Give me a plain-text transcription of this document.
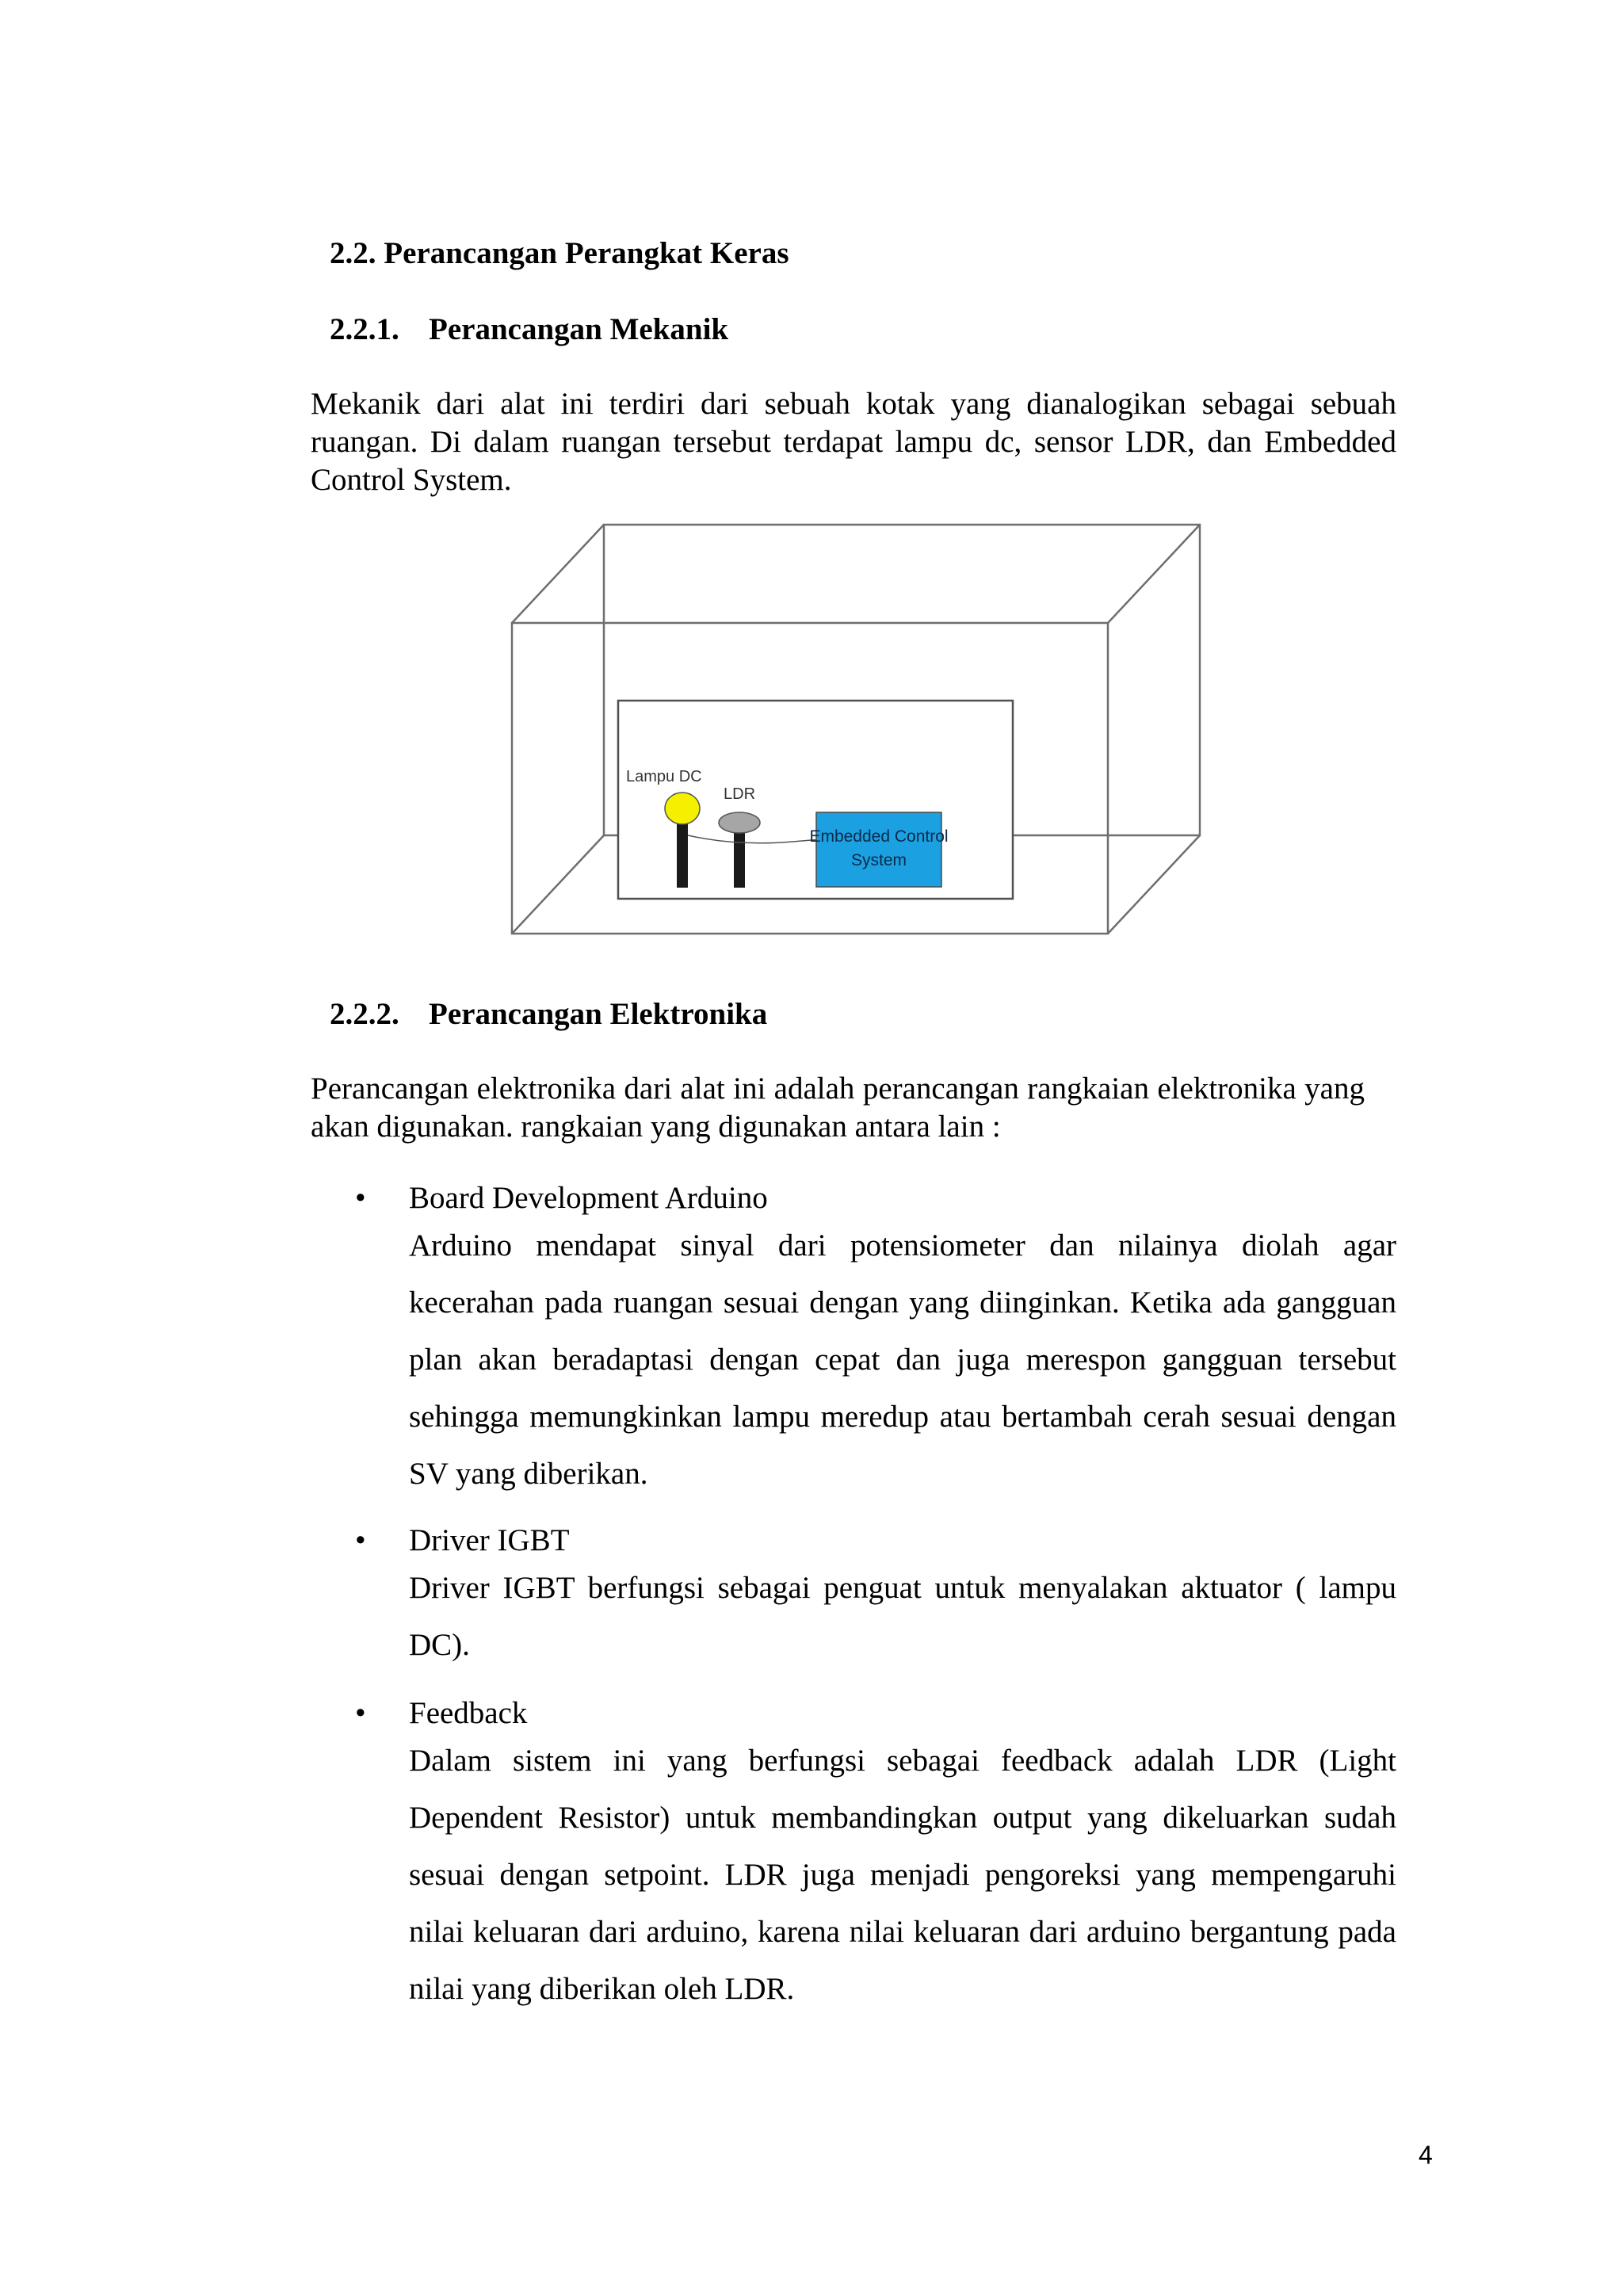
2.2. Perancangan Perangkat Keras
2.2.1. Perancangan Mekanik

Mekanik dari alat ini terdiri dari sebuah kotak yang dianalogikan sebagai sebuah ruangan. Di dalam ruangan tersebut terdapat lampu dc, sensor LDR, dan Embedded Control System.

Lampu DC
LDR
Embedded Control
System
2.2.2. Perancangan Elektronika

Perancangan elektronika dari alat ini adalah perancangan rangkaian elektronika yang akan digunakan. rangkaian yang digunakan antara lain :

• Board Development Arduino
Arduino mendapat sinyal dari potensiometer dan nilainya diolah agar kecerahan pada ruangan sesuai dengan yang diinginkan. Ketika ada gangguan plan akan beradaptasi dengan cepat dan juga merespon gangguan tersebut sehingga memungkinkan lampu meredup atau bertambah cerah sesuai dengan SV yang diberikan.
• Driver IGBT
Driver IGBT berfungsi sebagai penguat untuk menyalakan aktuator ( lampu DC).
• Feedback
Dalam sistem ini yang berfungsi sebagai feedback adalah LDR (Light Dependent Resistor) untuk membandingkan output yang dikeluarkan sudah sesuai dengan setpoint. LDR juga menjadi pengoreksi yang mempengaruhi nilai keluaran dari arduino, karena nilai keluaran dari arduino bergantung pada nilai yang diberikan oleh LDR.
4
